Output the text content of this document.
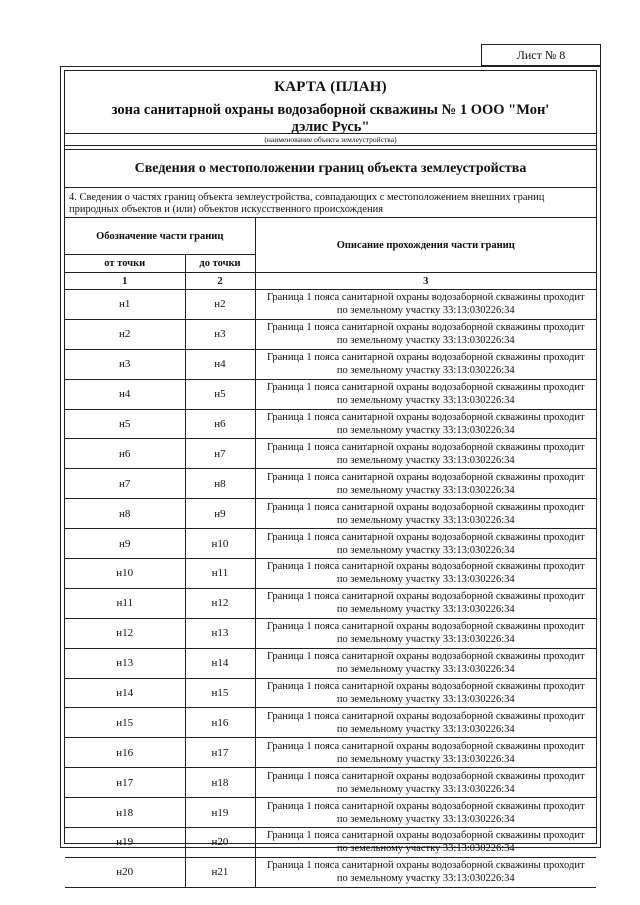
Лист № 8
КАРТА (ПЛАН)
зона санитарной охраны водозаборной скважины № 1 ООО "Мон' дэлис Русь"
(наименование объекта землеустройства)
Сведения о местоположении границ объекта землеустройства
4. Сведения о частях границ объекта землеустройства, совпадающих с местоположением внешних границ природных объектов и (или) объектов искусственного происхождения
Обозначение части границ		Описание прохождения части границ
от точки	до точки	
1	2	3
н1	н2	Граница 1 пояса санитарной охраны водозаборной скважины проходит
по земельному участку 33:13:030226:34

н2	н3	Граница 1 пояса санитарной охраны водозаборной скважины проходит
по земельному участку 33:13:030226:34

н3	н4	Граница 1 пояса санитарной охраны водозаборной скважины проходит
по земельному участку 33:13:030226:34

н4	н5	Граница 1 пояса санитарной охраны водозаборной скважины проходит
по земельному участку 33:13:030226:34

н5	н6	Граница 1 пояса санитарной охраны водозаборной скважины проходит
по земельному участку 33:13:030226:34

н6	н7	Граница 1 пояса санитарной охраны водозаборной скважины проходит
по земельному участку 33:13:030226:34

н7	н8	Граница 1 пояса санитарной охраны водозаборной скважины проходит
по земельному участку 33:13:030226:34

н8	н9	Граница 1 пояса санитарной охраны водозаборной скважины проходит
по земельному участку 33:13:030226:34

н9	н10	Граница 1 пояса санитарной охраны водозаборной скважины проходит
по земельному участку 33:13:030226:34

н10	н11	Граница 1 пояса санитарной охраны водозаборной скважины проходит
по земельному участку 33:13:030226:34

н11	н12	Граница 1 пояса санитарной охраны водозаборной скважины проходит
по земельному участку 33:13:030226:34

н12	н13	Граница 1 пояса санитарной охраны водозаборной скважины проходит
по земельному участку 33:13:030226:34

н13	н14	Граница 1 пояса санитарной охраны водозаборной скважины проходит
по земельному участку 33:13:030226:34

н14	н15	Граница 1 пояса санитарной охраны водозаборной скважины проходит
по земельному участку 33:13:030226:34

н15	н16	Граница 1 пояса санитарной охраны водозаборной скважины проходит
по земельному участку 33:13:030226:34

н16	н17	Граница 1 пояса санитарной охраны водозаборной скважины проходит
по земельному участку 33:13:030226:34

н17	н18	Граница 1 пояса санитарной охраны водозаборной скважины проходит
по земельному участку 33:13:030226:34

н18	н19	Граница 1 пояса санитарной охраны водозаборной скважины проходит
по земельному участку 33:13:030226:34

н19	н20	Граница 1 пояса санитарной охраны водозаборной скважины проходит
по земельному участку 33:13:030226:34

н20	н21	Граница 1 пояса санитарной охраны водозаборной скважины проходит
по земельному участку 33:13:030226:34
